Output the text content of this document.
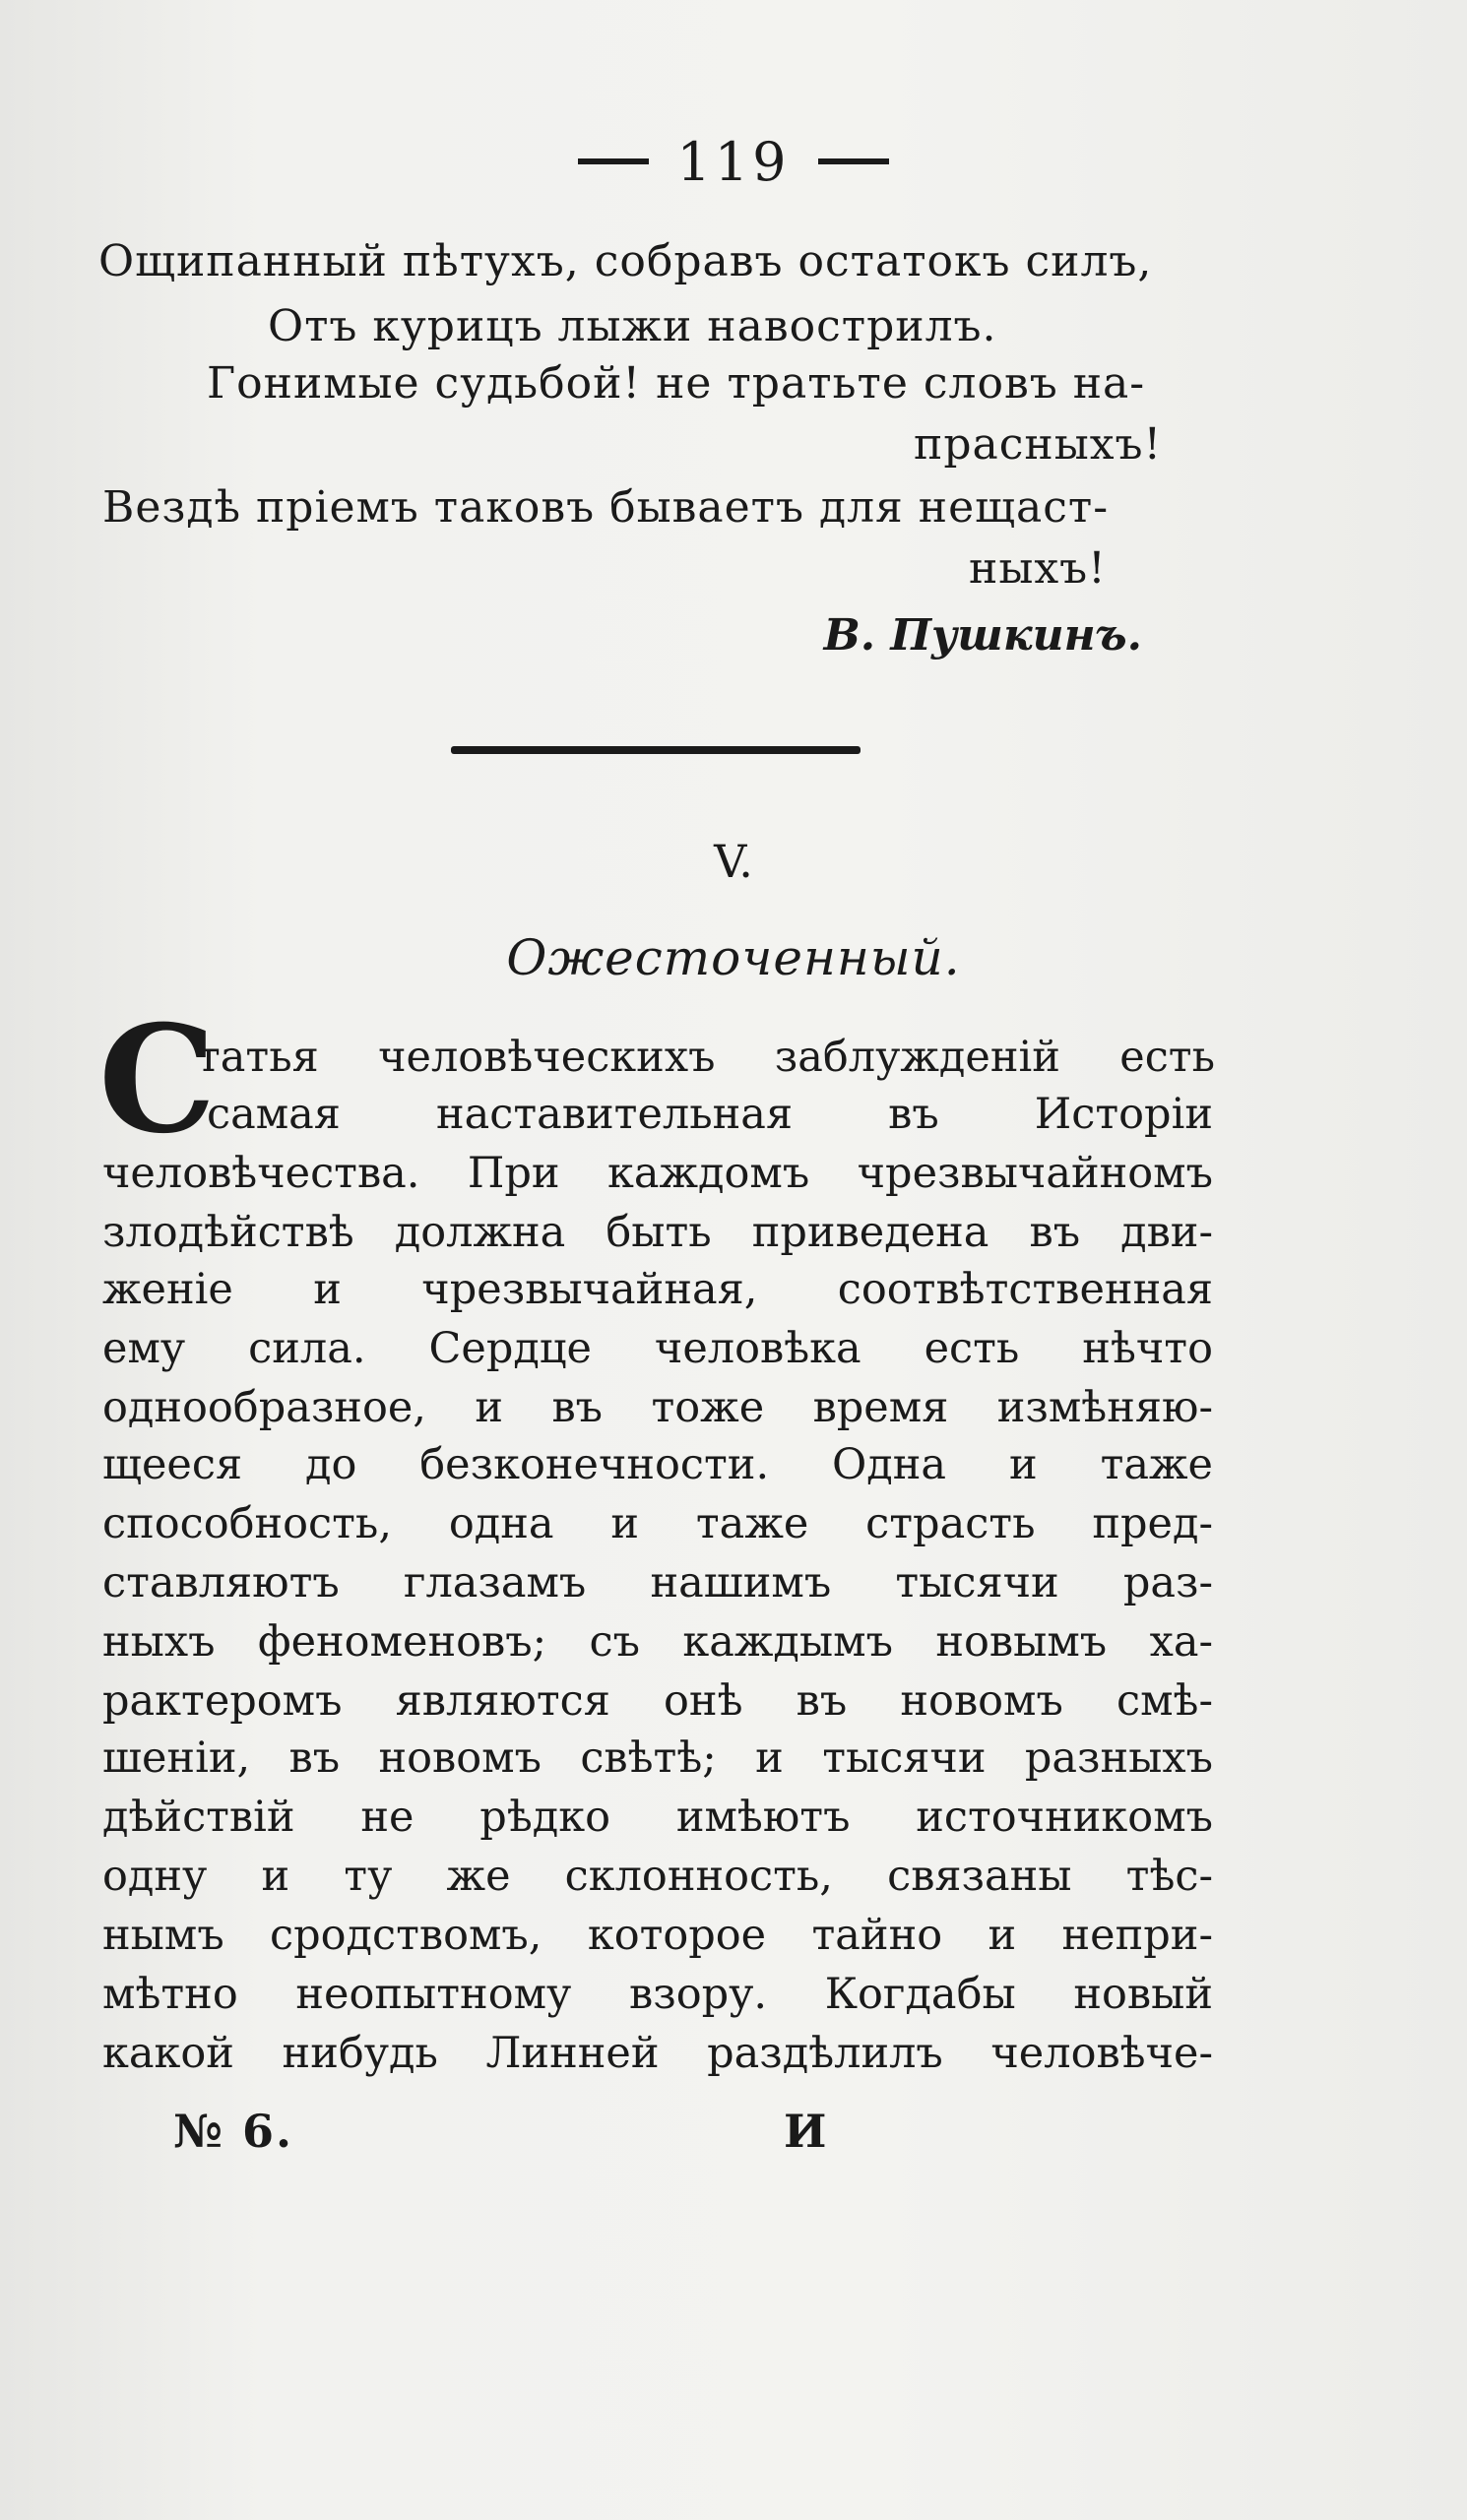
119
Ощипанный пѣтухъ, собравъ остатокъ силъ,
Отъ курицъ лыжи навострилъ.
Гонимые судьбой! не тратьте словъ на-
прасныхъ!
Вездѣ пріемъ таковъ бываетъ для нещаст-
ныхъ!
В. Пушкинъ.
V.
Ожесточенный.
С
татья человѣческихъ заблужденій есть
самая наставительная въ Исторіи
человѣчества. При каждомъ чрезвычайномъ
злодѣйствѣ должна быть приведена въ дви-
женіе и чрезвычайная, соотвѣтственная
ему сила. Сердце человѣка есть нѣчто
однообразное, и въ тоже время измѣняю-
щееся до безконечности. Одна и таже
способность, одна и таже страсть пред-
ставляютъ глазамъ нашимъ тысячи раз-
ныхъ феноменовъ; съ каждымъ новымъ ха-
рактеромъ являются онѣ въ новомъ смѣ-
шеніи, въ новомъ свѣтѣ; и тысячи разныхъ
дѣйствій не рѣдко имѣютъ источникомъ
одну и ту же склонность, связаны тѣс-
нымъ сродствомъ, которое тайно и непри-
мѣтно неопытному взору. Когдабы новый
какой нибудь Линней раздѣлилъ человѣче-
№ 6.	И
